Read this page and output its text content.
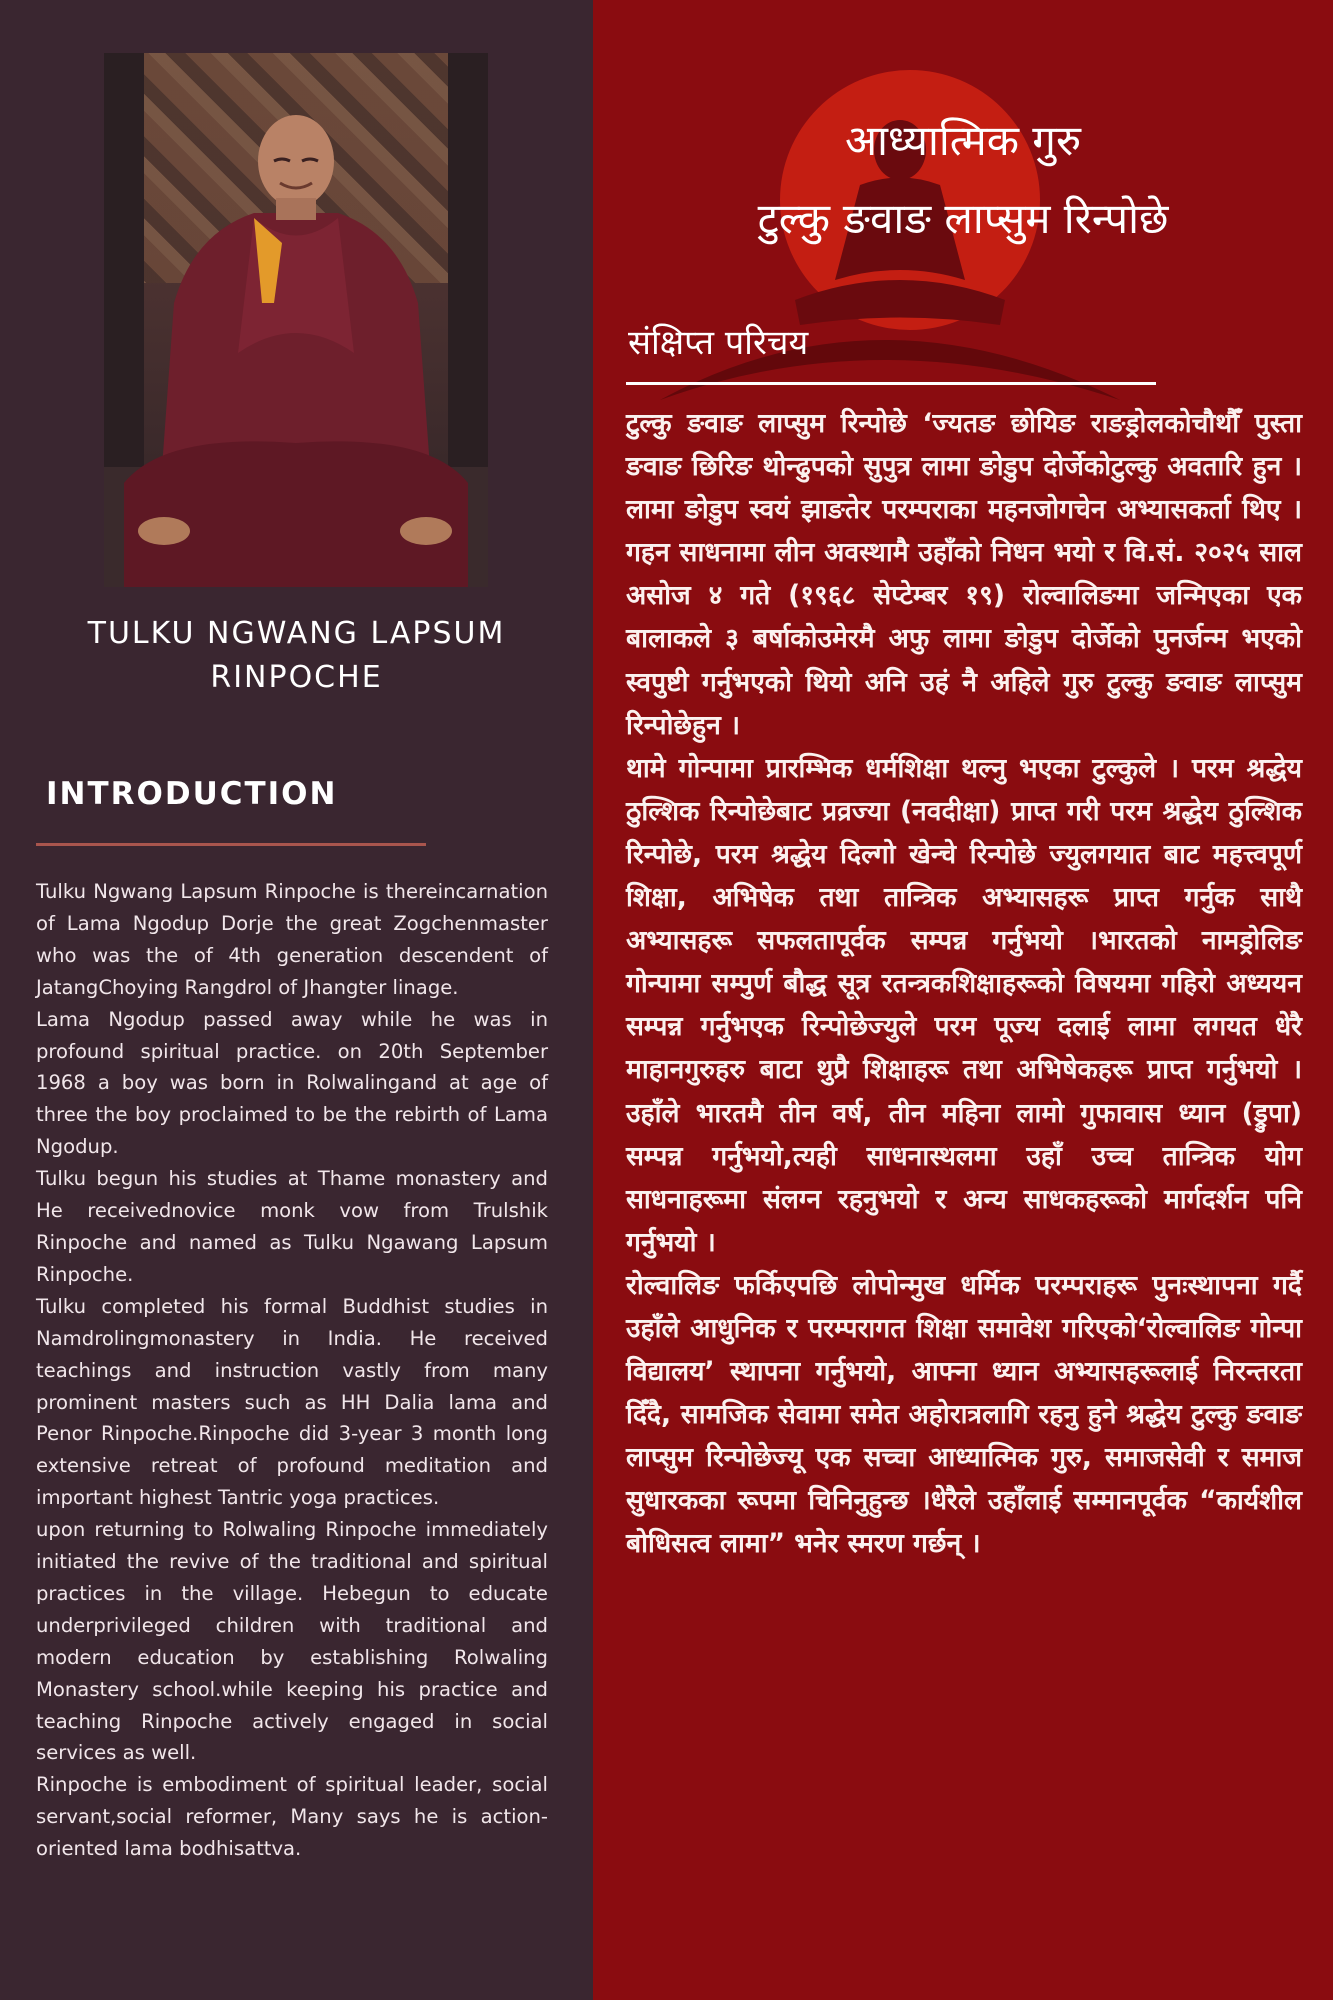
TULKU NGWANG LAPSUM RINPOCHE
INTRODUCTION

Tulku Ngwang Lapsum Rinpoche is thereincarnation of Lama Ngodup Dorje the great Zogchenmaster who was the of 4th generation descendent of JatangChoying Rangdrol of Jhangter linage.

Lama Ngodup passed away while he was in profound spiritual practice. on 20th September 1968 a boy was born in Rolwalingand at age of three the boy proclaimed to be the rebirth of Lama Ngodup.

Tulku begun his studies at Thame monastery and He receivednovice monk vow from Trulshik Rinpoche and named as Tulku Ngawang Lapsum Rinpoche.

Tulku completed his formal Buddhist studies in Namdrolingmonastery in India. He received teachings and instruction vastly from many prominent masters such as HH Dalia lama and Penor Rinpoche.Rinpoche did 3-year 3 month long extensive retreat of profound meditation and important highest Tantric yoga practices.

upon returning to Rolwaling Rinpoche immediately initiated the revive of the traditional and spiritual practices in the village. Hebegun to educate underprivileged children with traditional and modern education by establishing Rolwaling Monastery school.while keeping his practice and teaching Rinpoche actively engaged in social services as well.

Rinpoche is embodiment of spiritual leader, social servant,social reformer, Many says he is action-oriented lama bodhisattva.

आध्यात्मिक गुरु
टुल्कु ङवाङ लाप्सुम रिन्पोछे
संक्षिप्त परिचय

टुल्कु ङवाङ लाप्सुम रिन्पोछे ‘ज्यतङ छोयिङ राङड्रोलकोचौथौँ पुस्ता ङवाङ छिरिङ थोन्ढुपको सुपुत्र लामा ङोडुप दोर्जेकोटुल्कु अवतारि हुन । लामा ङोडुप स्वयं झाङतेर परम्पराका महनजोगचेन अभ्यासकर्ता थिए । गहन साधनामा लीन अवस्थामै उहाँको निधन भयो र वि.सं. २०२५ साल असोज ४ गते (१९६८ सेप्टेम्बर १९) रोल्वालिङमा जन्मिएका एक बालाकले ३ बर्षाकोउमेरमै अफु लामा ङोडुप दोर्जेको पुनर्जन्म भएको स्वपुष्टी गर्नुभएको थियो अनि उहं नै अहिले गुरु टुल्कु ङवाङ लाप्सुम रिन्पोछेहुन ।

थामे गोन्पामा प्रारम्भिक धर्मशिक्षा थल्नु भएका टुल्कुले । परम श्रद्धेय ठुल्शिक रिन्पोछेबाट प्रव्रज्या (नवदीक्षा) प्राप्त गरी परम श्रद्धेय ठुल्शिक रिन्पोछे, परम श्रद्धेय दिल्गो खेन्चे रिन्पोछे ज्युलगयात बाट महत्त्वपूर्ण शिक्षा, अभिषेक तथा तान्त्रिक अभ्यासहरू प्राप्त गर्नुक साथै अभ्यासहरू सफलतापूर्वक सम्पन्न गर्नुभयो ।भारतको नामड्रोलिङ गोन्पामा सम्पुर्ण बौद्ध सूत्र रतन्त्रकशिक्षाहरूको विषयमा गहिरो अध्ययन सम्पन्न गर्नुभएक रिन्पोछेज्युले परम पूज्य दलाई लामा लगयत धेरै माहानगुरुहरु बाटा थुप्रै शिक्षाहरू तथा अभिषेकहरू प्राप्त गर्नुभयो । उहाँले भारतमै तीन वर्ष, तीन महिना लामो गुफावास ध्यान (ड्रुपा) सम्पन्न गर्नुभयो,त्यही साधनास्थलमा उहाँ उच्च तान्त्रिक योग साधनाहरूमा संलग्न रहनुभयो र अन्य साधकहरूको मार्गदर्शन पनि गर्नुभयो ।

रोल्वालिङ फर्किएपछि लोपोन्मुख धर्मिक परम्पराहरू पुनःस्थापना गर्दै उहाँले आधुनिक र परम्परागत शिक्षा समावेश गरिएको‘रोल्वालिङ गोन्पा विद्यालय’ स्थापना गर्नुभयो, आफ्ना ध्यान अभ्यासहरूलाई निरन्तरता दिँदै, सामजिक सेवामा समेत अहोरात्रलागि रहनु हुने श्रद्धेय टुल्कु ङवाङ लाप्सुम रिन्पोछेज्यू एक सच्चा आध्यात्मिक गुरु, समाजसेवी र समाज सुधारकका रूपमा चिनिनुहुन्छ ।धेरैले उहाँलाई सम्मानपूर्वक “कार्यशील बोधिसत्व लामा” भनेर स्मरण गर्छन् ।
